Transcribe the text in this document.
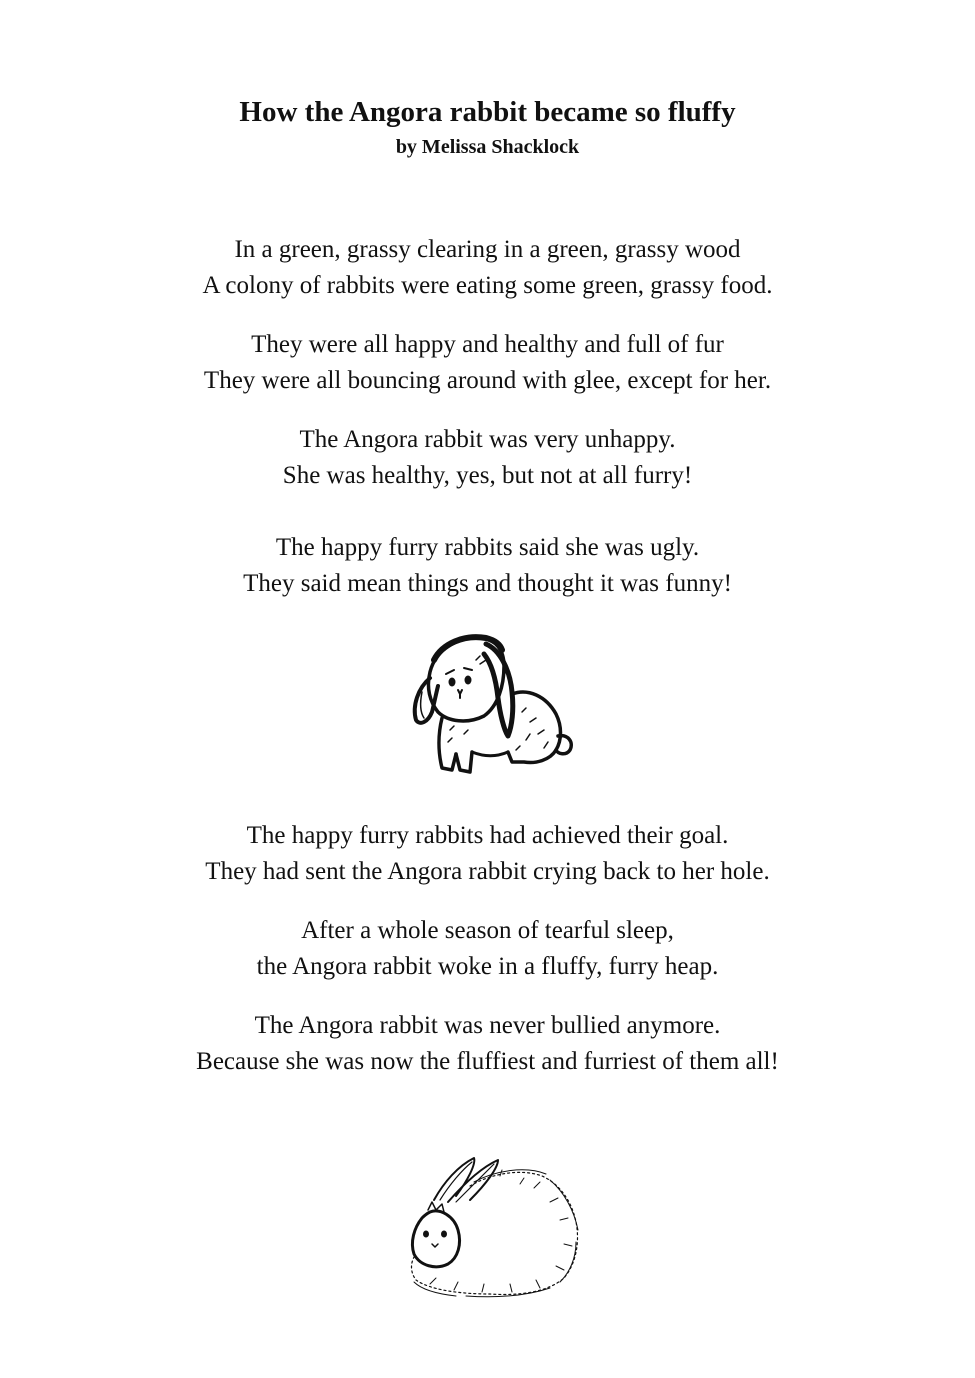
How the Angora rabbit became so fluffy
by Melissa Shacklock
In a green, grassy clearing in a green, grassy wood
A colony of rabbits were eating some green, grassy food.
They were all happy and healthy and full of fur
They were all bouncing around with glee, except for her.
The Angora rabbit was very unhappy.
She was healthy, yes, but not at all furry!
The happy furry rabbits said she was ugly.
They said mean things and thought it was funny!
The happy furry rabbits had achieved their goal.
They had sent the Angora rabbit crying back to her hole.
After a whole season of tearful sleep,
the Angora rabbit woke in a fluffy, furry heap.
The Angora rabbit was never bullied anymore.
Because she was now the fluffiest and furriest of them all!
